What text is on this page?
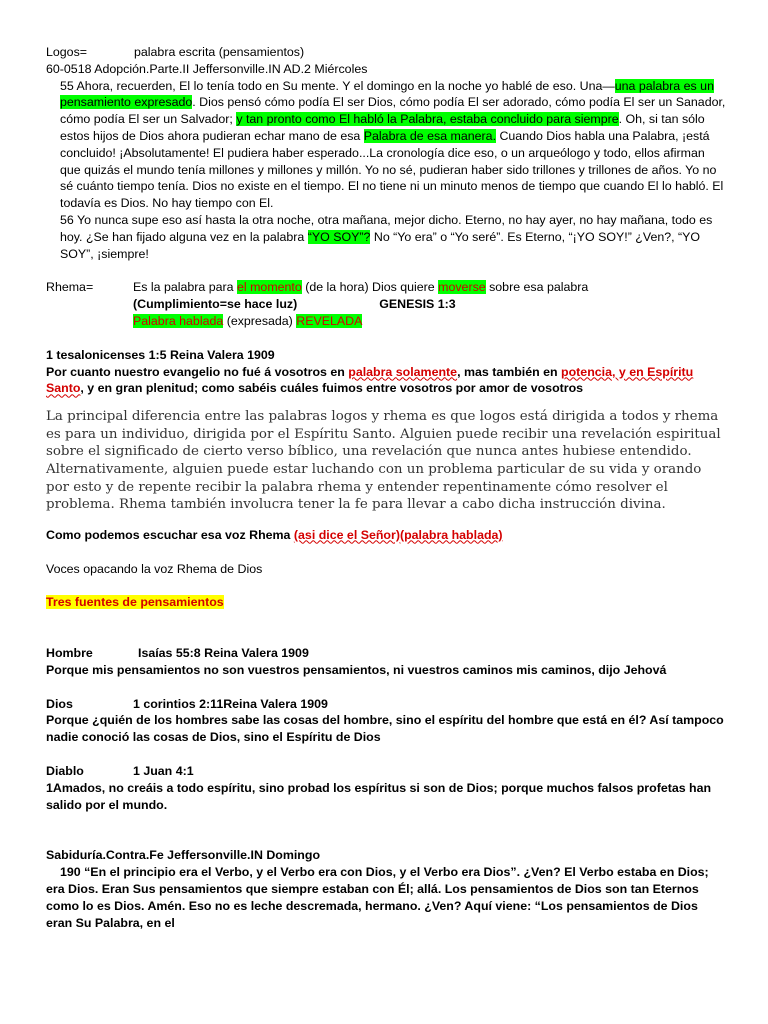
Logos=	palabra escrita (pensamientos)
60-0518 Adopción.Parte.II Jeffersonville.IN AD.2 Miércoles
55 Ahora, recuerden, El lo tenía todo en Su mente. Y el domingo en la noche yo hablé de eso. Una—una palabra es un pensamiento expresado. Dios pensó cómo podía El ser Dios, cómo podía El ser adorado, cómo podía El ser un Sanador, cómo podía El ser un Salvador; y tan pronto como El habló la Palabra, estaba concluido para siempre. Oh, si tan sólo estos hijos de Dios ahora pudieran echar mano de esa Palabra de esa manera. Cuando Dios habla una Palabra, ¡está concluido! ¡Absolutamente! El pudiera haber esperado...La cronología dice eso, o un arqueólogo y todo, ellos afirman que quizás el mundo tenía millones y millones y millón. Yo no sé, pudieran haber sido trillones y trillones de años. Yo no sé cuánto tiempo tenía. Dios no existe en el tiempo. El no tiene ni un minuto menos de tiempo que cuando El lo habló. El todavía es Dios. No hay tiempo con El.
56 Yo nunca supe eso así hasta la otra noche, otra mañana, mejor dicho. Eterno, no hay ayer, no hay mañana, todo es hoy. ¿Se han fijado alguna vez en la palabra “YO SOY”? No “Yo era” o “Yo seré”. Es Eterno, “¡YO SOY!” ¿Ven?, “YO SOY”, ¡siempre!
Rhema=	Es la palabra para el momento (de la hora) Dios quiere moverse sobre esa palabra
(Cumplimiento=se hace luz)	GENESIS 1:3
Palabra hablada (expresada) REVELADA
1 tesalonicenses 1:5 Reina Valera 1909
Por cuanto nuestro evangelio no fué á vosotros en palabra solamente, mas también en potencia, y en Espíritu Santo, y en gran plenitud; como sabéis cuáles fuimos entre vosotros por amor de vosotros
La principal diferencia entre las palabras logos y rhema es que logos está dirigida a todos y rhema es para un individuo, dirigida por el Espíritu Santo. Alguien puede recibir una revelación espiritual sobre el significado de cierto verso bíblico, una revelación que nunca antes hubiese entendido. Alternativamente, alguien puede estar luchando con un problema particular de su vida y orando por esto y de repente recibir la palabra rhema y entender repentinamente cómo resolver el problema. Rhema también involucra tener la fe para llevar a cabo dicha instrucción divina.
Como podemos escuchar esa voz Rhema (asi dice el Señor)(palabra hablada)
Voces opacando la voz Rhema de Dios
Tres fuentes de pensamientos
Hombre	Isaías 55:8 Reina Valera 1909
Porque mis pensamientos no son vuestros pensamientos, ni vuestros caminos mis caminos, dijo Jehová
Dios	1 corintios 2:11Reina Valera 1909
Porque ¿quién de los hombres sabe las cosas del hombre, sino el espíritu del hombre que está en él? Así tampoco nadie conoció las cosas de Dios, sino el Espíritu de Dios
Diablo	1 Juan 4:1
1Amados, no creáis a todo espíritu, sino probad los espíritus si son de Dios; porque muchos falsos profetas han salido por el mundo.
Sabiduría.Contra.Fe Jeffersonville.IN Domingo
190 “En el principio era el Verbo, y el Verbo era con Dios, y el Verbo era Dios”. ¿Ven? El Verbo estaba en Dios; era Dios. Eran Sus pensamientos que siempre estaban con Él; allá. Los pensamientos de Dios son tan Eternos como lo es Dios. Amén. Eso no es leche descremada, hermano. ¿Ven? Aquí viene: “Los pensamientos de Dios eran Su Palabra, en el
